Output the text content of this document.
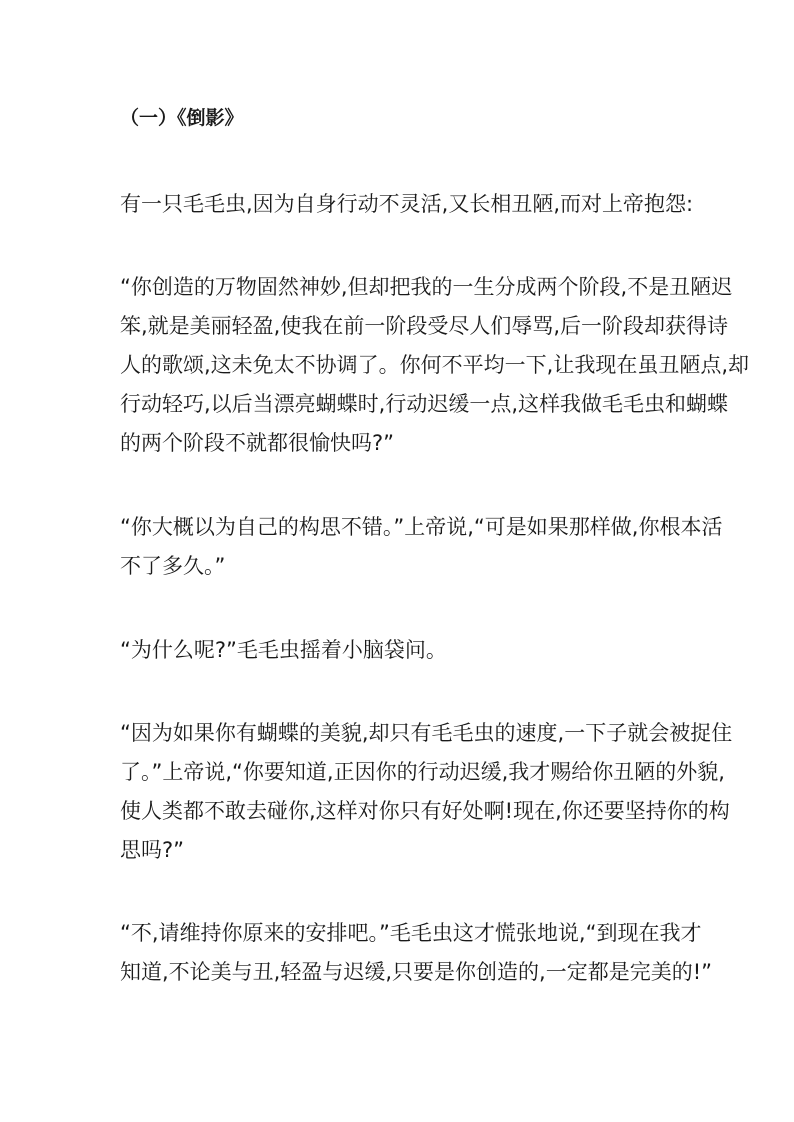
（一）《倒影》

有一只毛毛虫,因为自身行动不灵活,又长相丑陋,而对上帝抱怨:

“你创造的万物固然神妙,但却把我的一生分成两个阶段,不是丑陋迟

笨,就是美丽轻盈,使我在前一阶段受尽人们辱骂,后一阶段却获得诗

人的歌颂,这未免太不协调了。你何不平均一下,让我现在虽丑陋点,却

行动轻巧,以后当漂亮蝴蝶时,行动迟缓一点,这样我做毛毛虫和蝴蝶

的两个阶段不就都很愉快吗?”

“你大概以为自己的构思不错。”上帝说,“可是如果那样做,你根本活

不了多久。”

“为什么呢?”毛毛虫摇着小脑袋问。

“因为如果你有蝴蝶的美貌,却只有毛毛虫的速度,一下子就会被捉住

了。”上帝说,“你要知道,正因你的行动迟缓,我才赐给你丑陋的外貌,

使人类都不敢去碰你,这样对你只有好处啊!现在,你还要坚持你的构

思吗?”

“不,请维持你原来的安排吧。”毛毛虫这才慌张地说,“到现在我才

知道,不论美与丑,轻盈与迟缓,只要是你创造的,一定都是完美的!”
